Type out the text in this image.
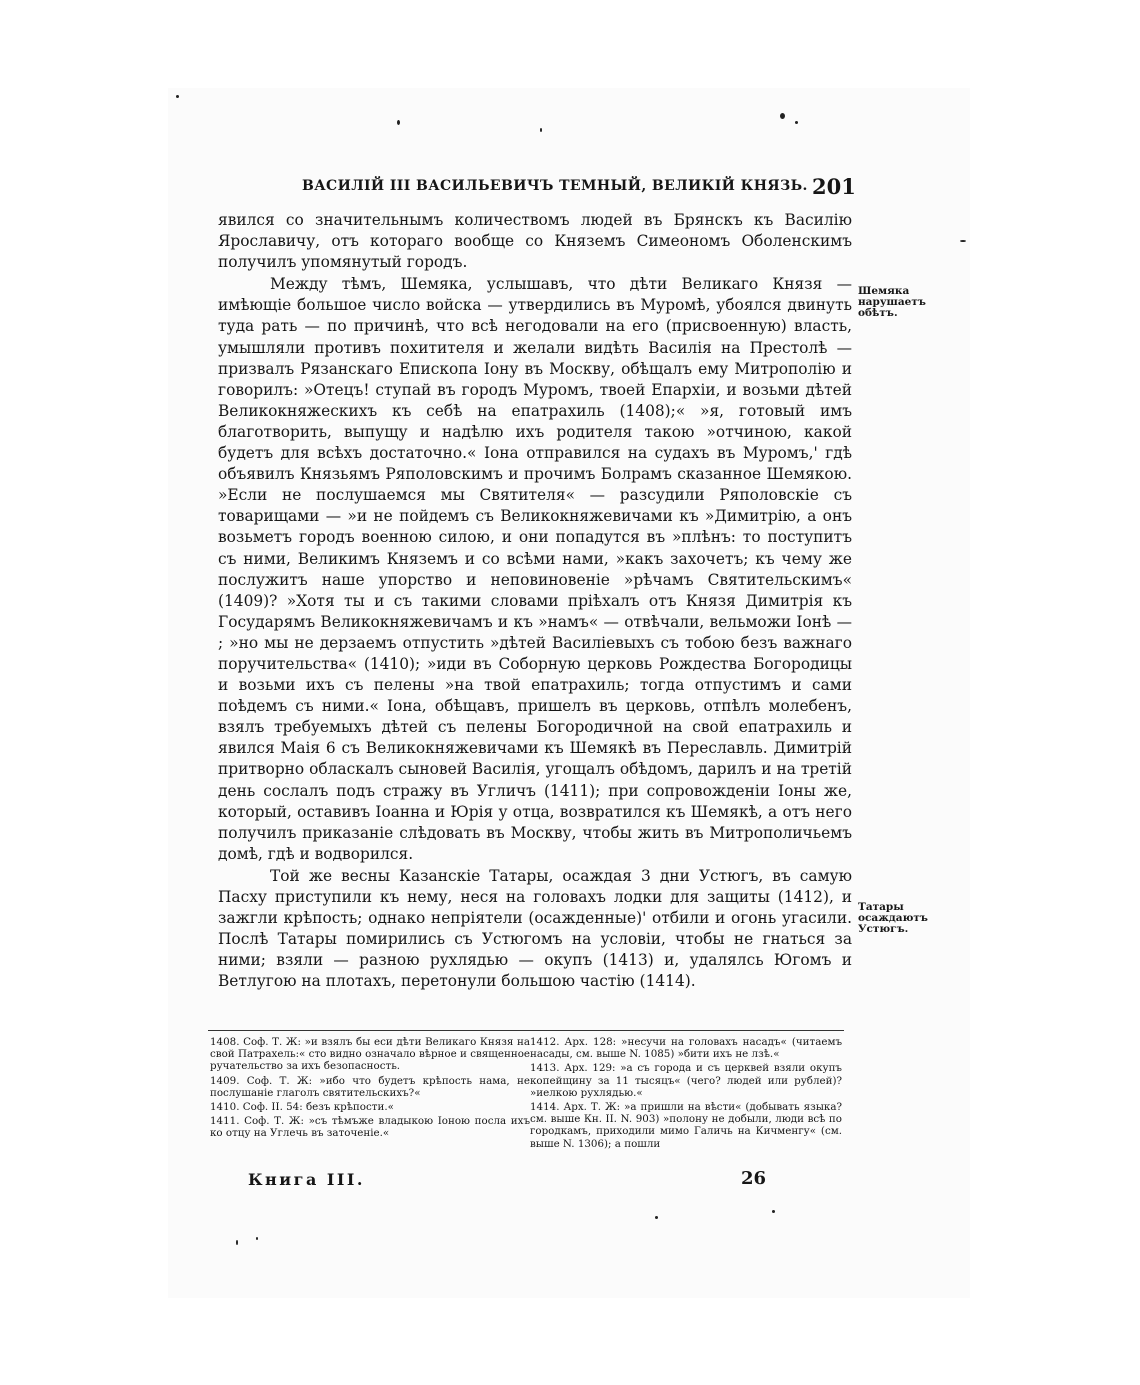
ВАСИЛІЙ III ВАСИЛЬЕВИЧЪ ТЕМНЫЙ, ВЕЛИКІЙ КНЯЗЬ. 201

явился со значительнымъ количествомъ людей въ Брянскъ къ Василію Ярославичу, отъ котораго вообще со Княземъ Симеономъ Оболенскимъ получилъ упомянутый городъ.

Между тѣмъ, Шемяка, услышавъ, что дѣти Великаго Князя — имѣющіе большое число войска — утвердились въ Муромѣ, убоялся двинуть туда рать — по причинѣ, что всѣ негодовали на его (присвоенную) власть, умышляли противъ похитителя и желали видѣть Василія на Престолѣ — призвалъ Рязанскаго Епископа Іону въ Москву, обѣщалъ ему Митрополію и говорилъ: »Отецъ! ступай въ городъ Муромъ, твоей Епархіи, и возьми дѣтей Великокняжескихъ къ себѣ на епатрахиль (1408);« »я, готовый имъ благотворить, выпущу и надѣлю ихъ родителя такою »отчиною, какой будетъ для всѣхъ достаточно.« Іона отправился на судахъ въ Муромъ,' гдѣ объявилъ Князьямъ Ряполовскимъ и прочимъ Болрамъ сказанное Шемякою. »Если не послушаемся мы Святителя« — разсудили Ряполовскіе съ товарищами — »и не пойдемъ съ Великокняжевичами къ »Димитрію, а онъ возьметъ городъ военною силою, и они попадутся въ »плѣнъ: то поступитъ съ ними, Великимъ Княземъ и со всѣми нами, »какъ захочетъ; къ чему же послужитъ наше упорство и неповиновеніе »рѣчамъ Святительскимъ« (1409)? »Хотя ты и съ такими словами пріѣхалъ отъ Князя Димитрія къ Государямъ Великокняжевичамъ и къ »намъ« — отвѣчали, вельможи Іонѣ — ; »но мы не дерзаемъ отпустить »дѣтей Василіевыхъ съ тобою безъ важнаго поручительства« (1410); »иди въ Соборную церковь Рождества Богородицы и возьми ихъ съ пелены »на твой епатрахиль; тогда отпустимъ и сами поѣдемъ съ ними.« Іона, обѣщавъ, пришелъ въ церковь, отпѣлъ молебенъ, взялъ требуемыхъ дѣтей съ пелены Богородичной на свой епатрахиль и явился Маія 6 съ Великокняжевичами къ Шемякѣ въ Переславль. Димитрій притворно обласкалъ сыновей Василія, угощалъ обѣдомъ, дарилъ и на третій день сослалъ подъ стражу въ Угличъ (1411); при сопровожденіи Іоны же, который, оставивъ Іоанна и Юрія у отца, возвратился къ Шемякѣ, а отъ него получилъ приказаніе слѣдовать въ Москву, чтобы жить въ Митрополичьемъ домѣ, гдѣ и водворился.

Той же весны Казанскіе Татары, осаждая 3 дни Устюгъ, въ самую Пасху приступили къ нему, неся на головахъ лодки для защиты (1412), и зажгли крѣпость; однако непріятели (осажденные)' отбили и огонь угасили. Послѣ Татары помирились съ Устюгомъ на условіи, чтобы не гнаться за ними; взяли — разною рухлядью — окупъ (1413) и, удалялсь Югомъ и Ветлугою на плотахъ, перетонули большою частію (1414).

Шемяка нарушаетъ обѣтъ.
Татары осаждаютъ Устюгъ.

1408. Соф. Т. Ж: »и взялъ бы еси дѣти Великаго Князя на свой Патрахель:« сто видно означало вѣрное и священное ручательство за ихъ безопасность.

1409. Соф. Т. Ж: »ибо что будетъ крѣпость нама, не послушаніе глаголъ святительскихъ?«

1410. Соф. II. 54: безъ крѣпости.«

1411. Соф. Т. Ж: »съ тѣмъже владыкою Іоною посла ихъ ко отцу на Углечь въ заточеніе.«

1412. Арх. 128: »несучи на головахъ насадъ« (читаемъ насады, см. выше N. 1085) »бити ихъ не лзѣ.«

1413. Арх. 129: »а съ города и съ церквей взяли окупъ копейщину за 11 тысяцъ« (чего? людей или рублей)? »иелкою рухлядью.«

1414. Арх. Т. Ж: »а пришли на вѣсти« (добывать языка? см. выше Кн. II. N. 903) »полону не добыли, люди всѣ по городкамъ, приходили мимо Галичь на Кичменгу« (см. выше N. 1306); а пошли

Книга III.	26
